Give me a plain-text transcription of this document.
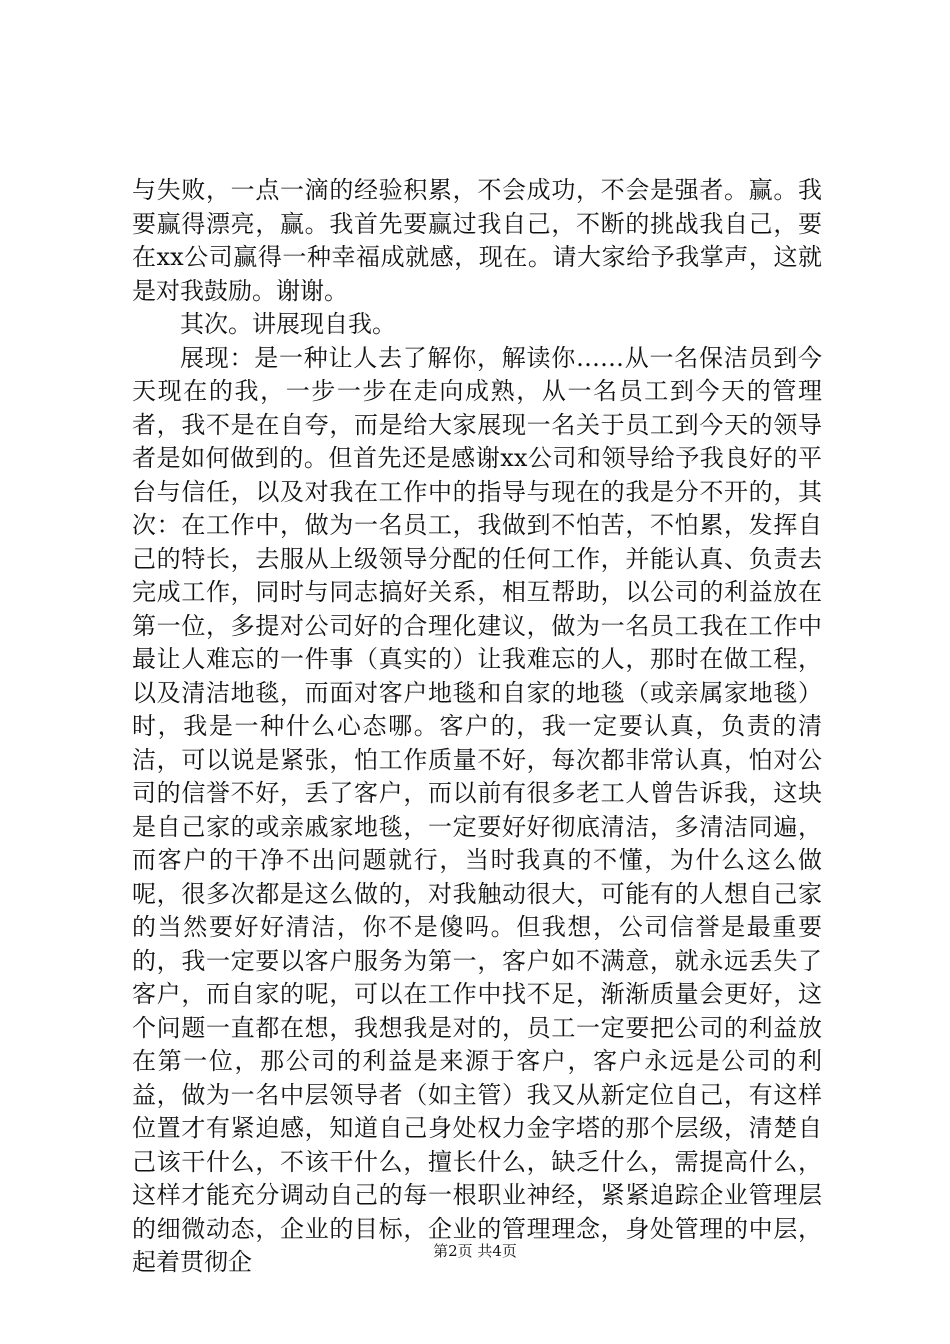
与失败，一点一滴的经验积累，不会成功，不会是强者。赢。我要赢得漂亮，赢。我首先要赢过我自己，不断的挑战我自己，要在xx公司赢得一种幸福成就感，现在。请大家给予我掌声，这就是对我鼓励。谢谢。

其次。讲展现自我。

展现：是一种让人去了解你，解读你……从一名保洁员到今天现在的我，一步一步在走向成熟，从一名员工到今天的管理者，我不是在自夸，而是给大家展现一名关于员工到今天的领导者是如何做到的。但首先还是感谢xx公司和领导给予我良好的平台与信任，以及对我在工作中的指导与现在的我是分不开的，其次：在工作中，做为一名员工，我做到不怕苦，不怕累，发挥自己的特长，去服从上级领导分配的任何工作，并能认真、负责去完成工作，同时与同志搞好关系，相互帮助，以公司的利益放在第一位，多提对公司好的合理化建议，做为一名员工我在工作中最让人难忘的一件事（真实的）让我难忘的人，那时在做工程，以及清洁地毯，而面对客户地毯和自家的地毯（或亲属家地毯）时，我是一种什么心态哪。客户的，我一定要认真，负责的清洁，可以说是紧张，怕工作质量不好，每次都非常认真，怕对公司的信誉不好，丢了客户，而以前有很多老工人曾告诉我，这块是自己家的或亲戚家地毯，一定要好好彻底清洁，多清洁同遍，而客户的干净不出问题就行，当时我真的不懂，为什么这么做呢，很多次都是这么做的，对我触动很大，可能有的人想自己家的当然要好好清洁，你不是傻吗。但我想，公司信誉是最重要的，我一定要以客户服务为第一，客户如不满意，就永远丢失了客户，而自家的呢，可以在工作中找不足，渐渐质量会更好，这个问题一直都在想，我想我是对的，员工一定要把公司的利益放在第一位，那公司的利益是来源于客户，客户永远是公司的利益，做为一名中层领导者（如主管）我又从新定位自己，有这样位置才有紧迫感，知道自己身处权力金字塔的那个层级，清楚自己该干什么，不该干什么，擅长什么，缺乏什么，需提高什么，这样才能充分调动自己的每一根职业神经，紧紧追踪企业管理层的细微动态，企业的目标，企业的管理理念，身处管理的中层，起着贯彻企	第2页 共4页
